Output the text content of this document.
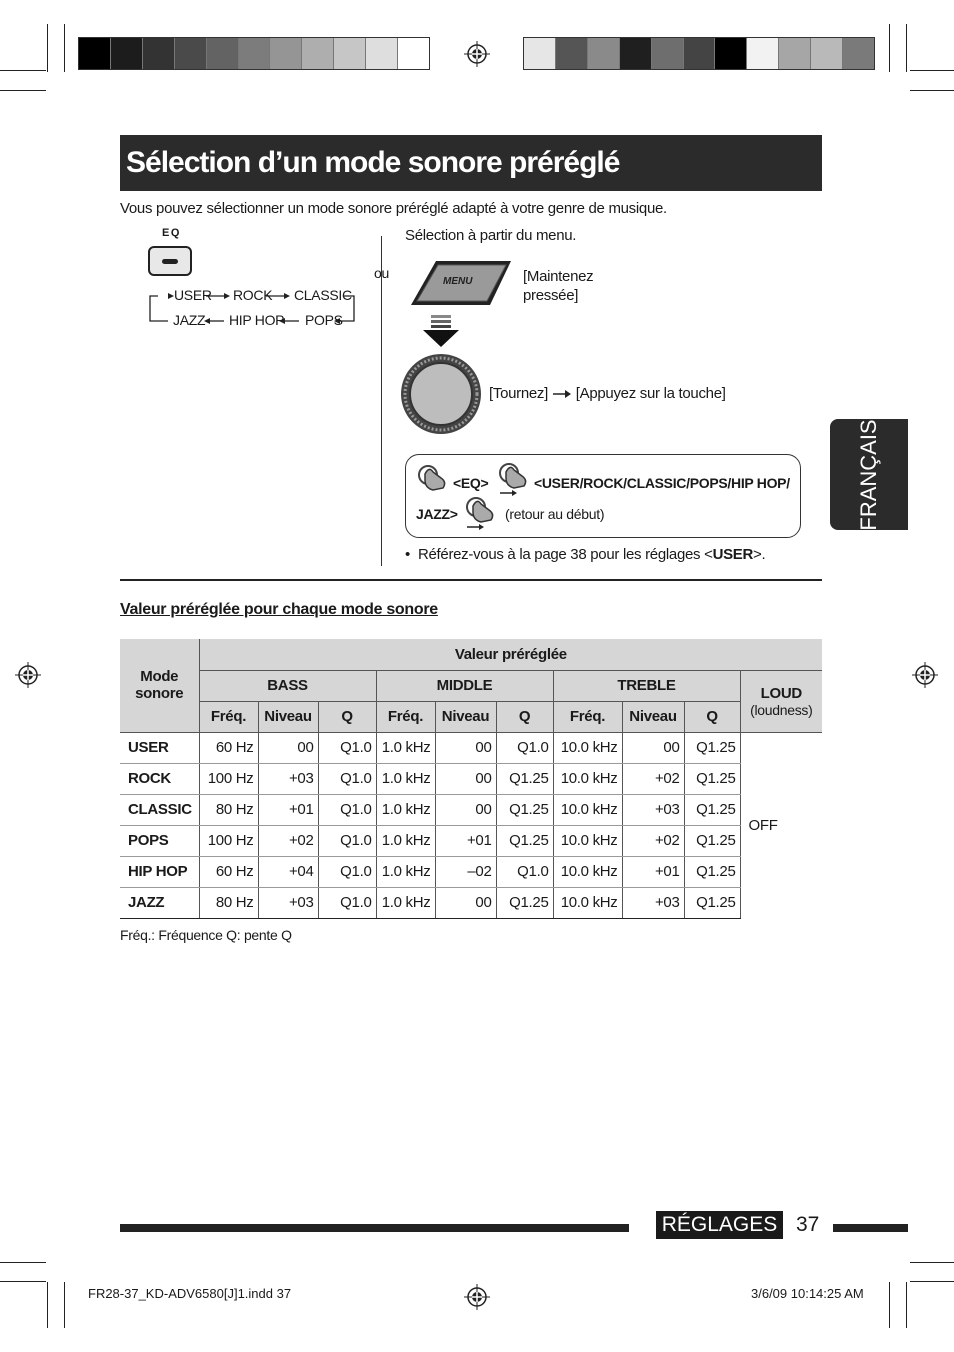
Sélection d’un mode sonore préréglé
Vous pouvez sélectionner un mode sonore préréglé adapté à votre genre de musique.
EQ
USER ROCK CLASSIC
JAZZ HIP HOP POPS
ou
Sélection à partir du menu.
MENU	[Maintenez
pressée]
[Tournez] [Appuyez sur la touche]
<EQ>	<USER/ROCK/CLASSIC/POPS/HIP HOP/
JAZZ>	(retour au début)
• Référez-vous à la page 38 pour les réglages <USER>.
FRANÇAIS
Valeur préréglée pour chaque mode sonore
Mode
sonore	Valeur préréglée									
	BASS			MIDDLE			TREBLE			LOUD
(loudness)

	Fréq.	Niveau	Q	Fréq.	Niveau	Q	Fréq.	Niveau	Q	
USER	60 Hz	00	Q1.0	1.0 kHz	00	Q1.0	10.0 kHz	00	Q1.25	OFF
ROCK	100 Hz	+03	Q1.0	1.0 kHz	00	Q1.25	10.0 kHz	+02	Q1.25	
CLASSIC	80 Hz	+01	Q1.0	1.0 kHz	00	Q1.25	10.0 kHz	+03	Q1.25	
POPS	100 Hz	+02	Q1.0	1.0 kHz	+01	Q1.25	10.0 kHz	+02	Q1.25	
HIP HOP	60 Hz	+04	Q1.0	1.0 kHz	–02	Q1.0	10.0 kHz	+01	Q1.25	
JAZZ	80 Hz	+03	Q1.0	1.0 kHz	00	Q1.25	10.0 kHz	+03	Q1.25	
Fréq.: Fréquence Q: pente Q
RÉGLAGES 37
FR28-37_KD-ADV6580[J]1.indd 37	3/6/09 10:14:25 AM
